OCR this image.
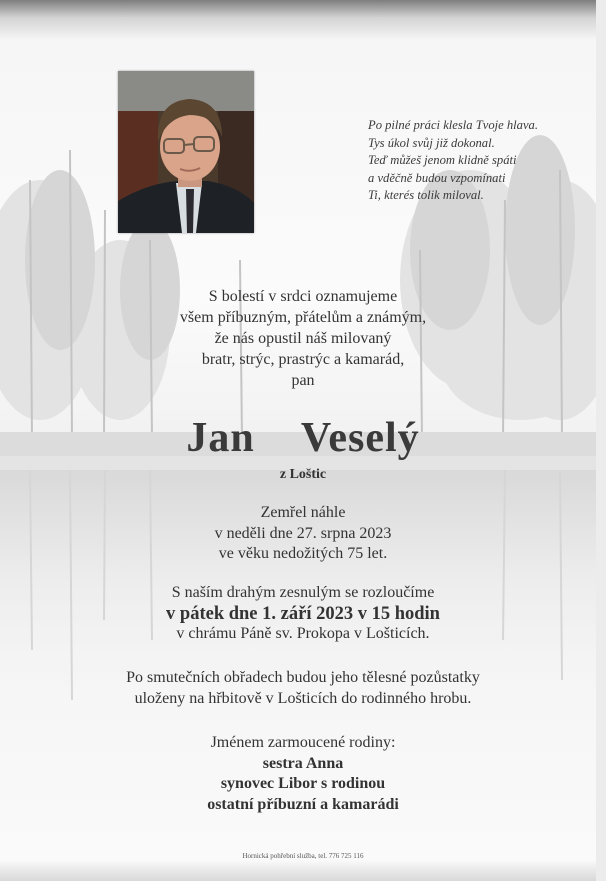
Po pilné práci klesla Tvoje hlava.
Tys úkol svůj již dokonal.
Teď můžeš jenom klidně spáti
a vděčně budou vzpomínati
Ti, kterés tolik miloval.
S bolestí v srdci oznamujeme
všem příbuzným, přátelům a známým,
že nás opustil náš milovaný
bratr, strýc, prastrýc a kamarád,
pan
Jan  Veselý
z Loštic
Zemřel náhle
v neděli dne 27. srpna 2023
ve věku nedožitých 75 let.
S naším drahým zesnulým se rozloučíme
v pátek dne 1. září 2023 v 15 hodin
v chrámu Páně sv. Prokopa v Lošticích.
Po smutečních obřadech budou jeho tělesné pozůstatky
uloženy na hřbitově v Lošticích do rodinného hrobu.
Jménem zarmoucené rodiny:
sestra Anna
synovec Libor s rodinou
ostatní příbuzní a kamarádi
Hornická pohřební služba, tel. 776 725 116
